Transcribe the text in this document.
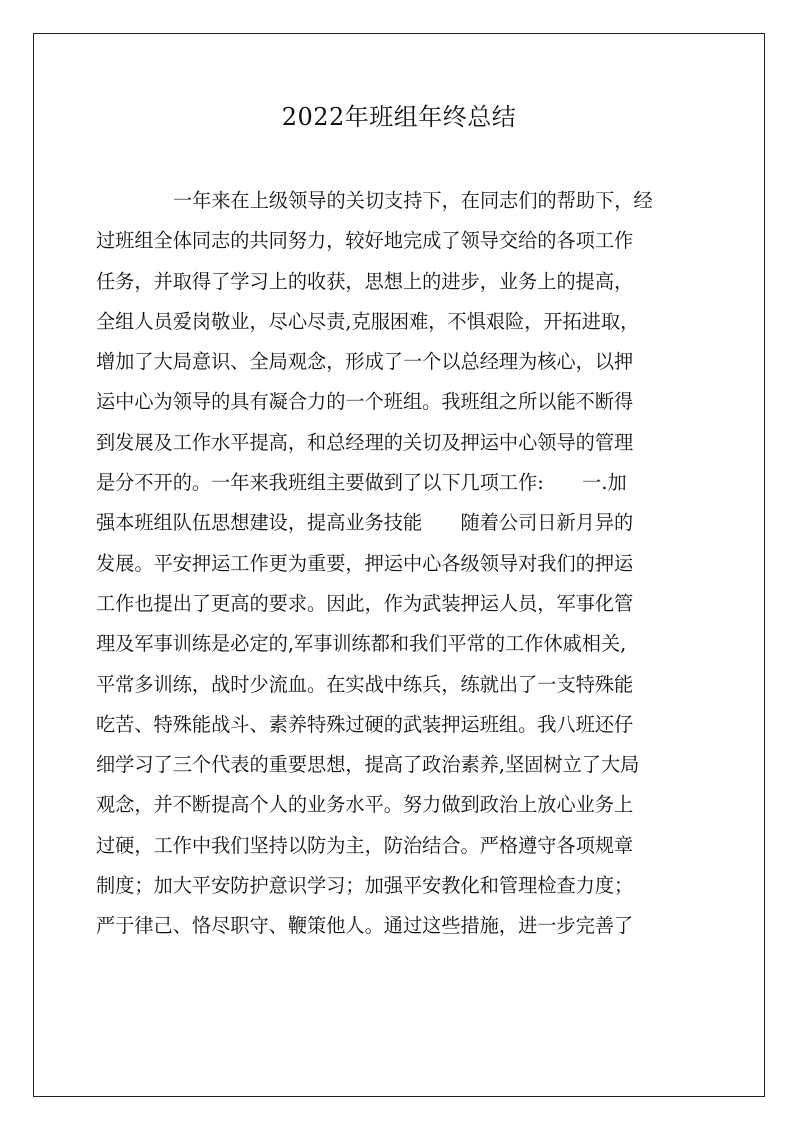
2022年班组年终总结
一年来在上级领导的关切支持下，在同志们的帮助下，经
过班组全体同志的共同努力，较好地完成了领导交给的各项工作
任务，并取得了学习上的收获，思想上的进步，业务上的提高，
全组人员爱岗敬业，尽心尽责,克服困难，不惧艰险，开拓进取，
增加了大局意识、全局观念，形成了一个以总经理为核心，以押
运中心为领导的具有凝合力的一个班组。我班组之所以能不断得
到发展及工作水平提高，和总经理的关切及押运中心领导的管理
是分不开的。一年来我班组主要做到了以下几项工作:　　一.加
强本班组队伍思想建设，提高业务技能　　随着公司日新月异的
发展。平安押运工作更为重要，押运中心各级领导对我们的押运
工作也提出了更高的要求。因此，作为武装押运人员，军事化管
理及军事训练是必定的,军事训练都和我们平常的工作休戚相关,
平常多训练，战时少流血。在实战中练兵，练就出了一支特殊能
吃苦、特殊能战斗、素养特殊过硬的武装押运班组。我八班还仔
细学习了三个代表的重要思想，提高了政治素养,坚固树立了大局
观念，并不断提高个人的业务水平。努力做到政治上放心业务上
过硬，工作中我们坚持以防为主，防治结合。严格遵守各项规章
制度；加大平安防护意识学习；加强平安教化和管理检查力度；
严于律己、恪尽职守、鞭策他人。通过这些措施，进一步完善了
